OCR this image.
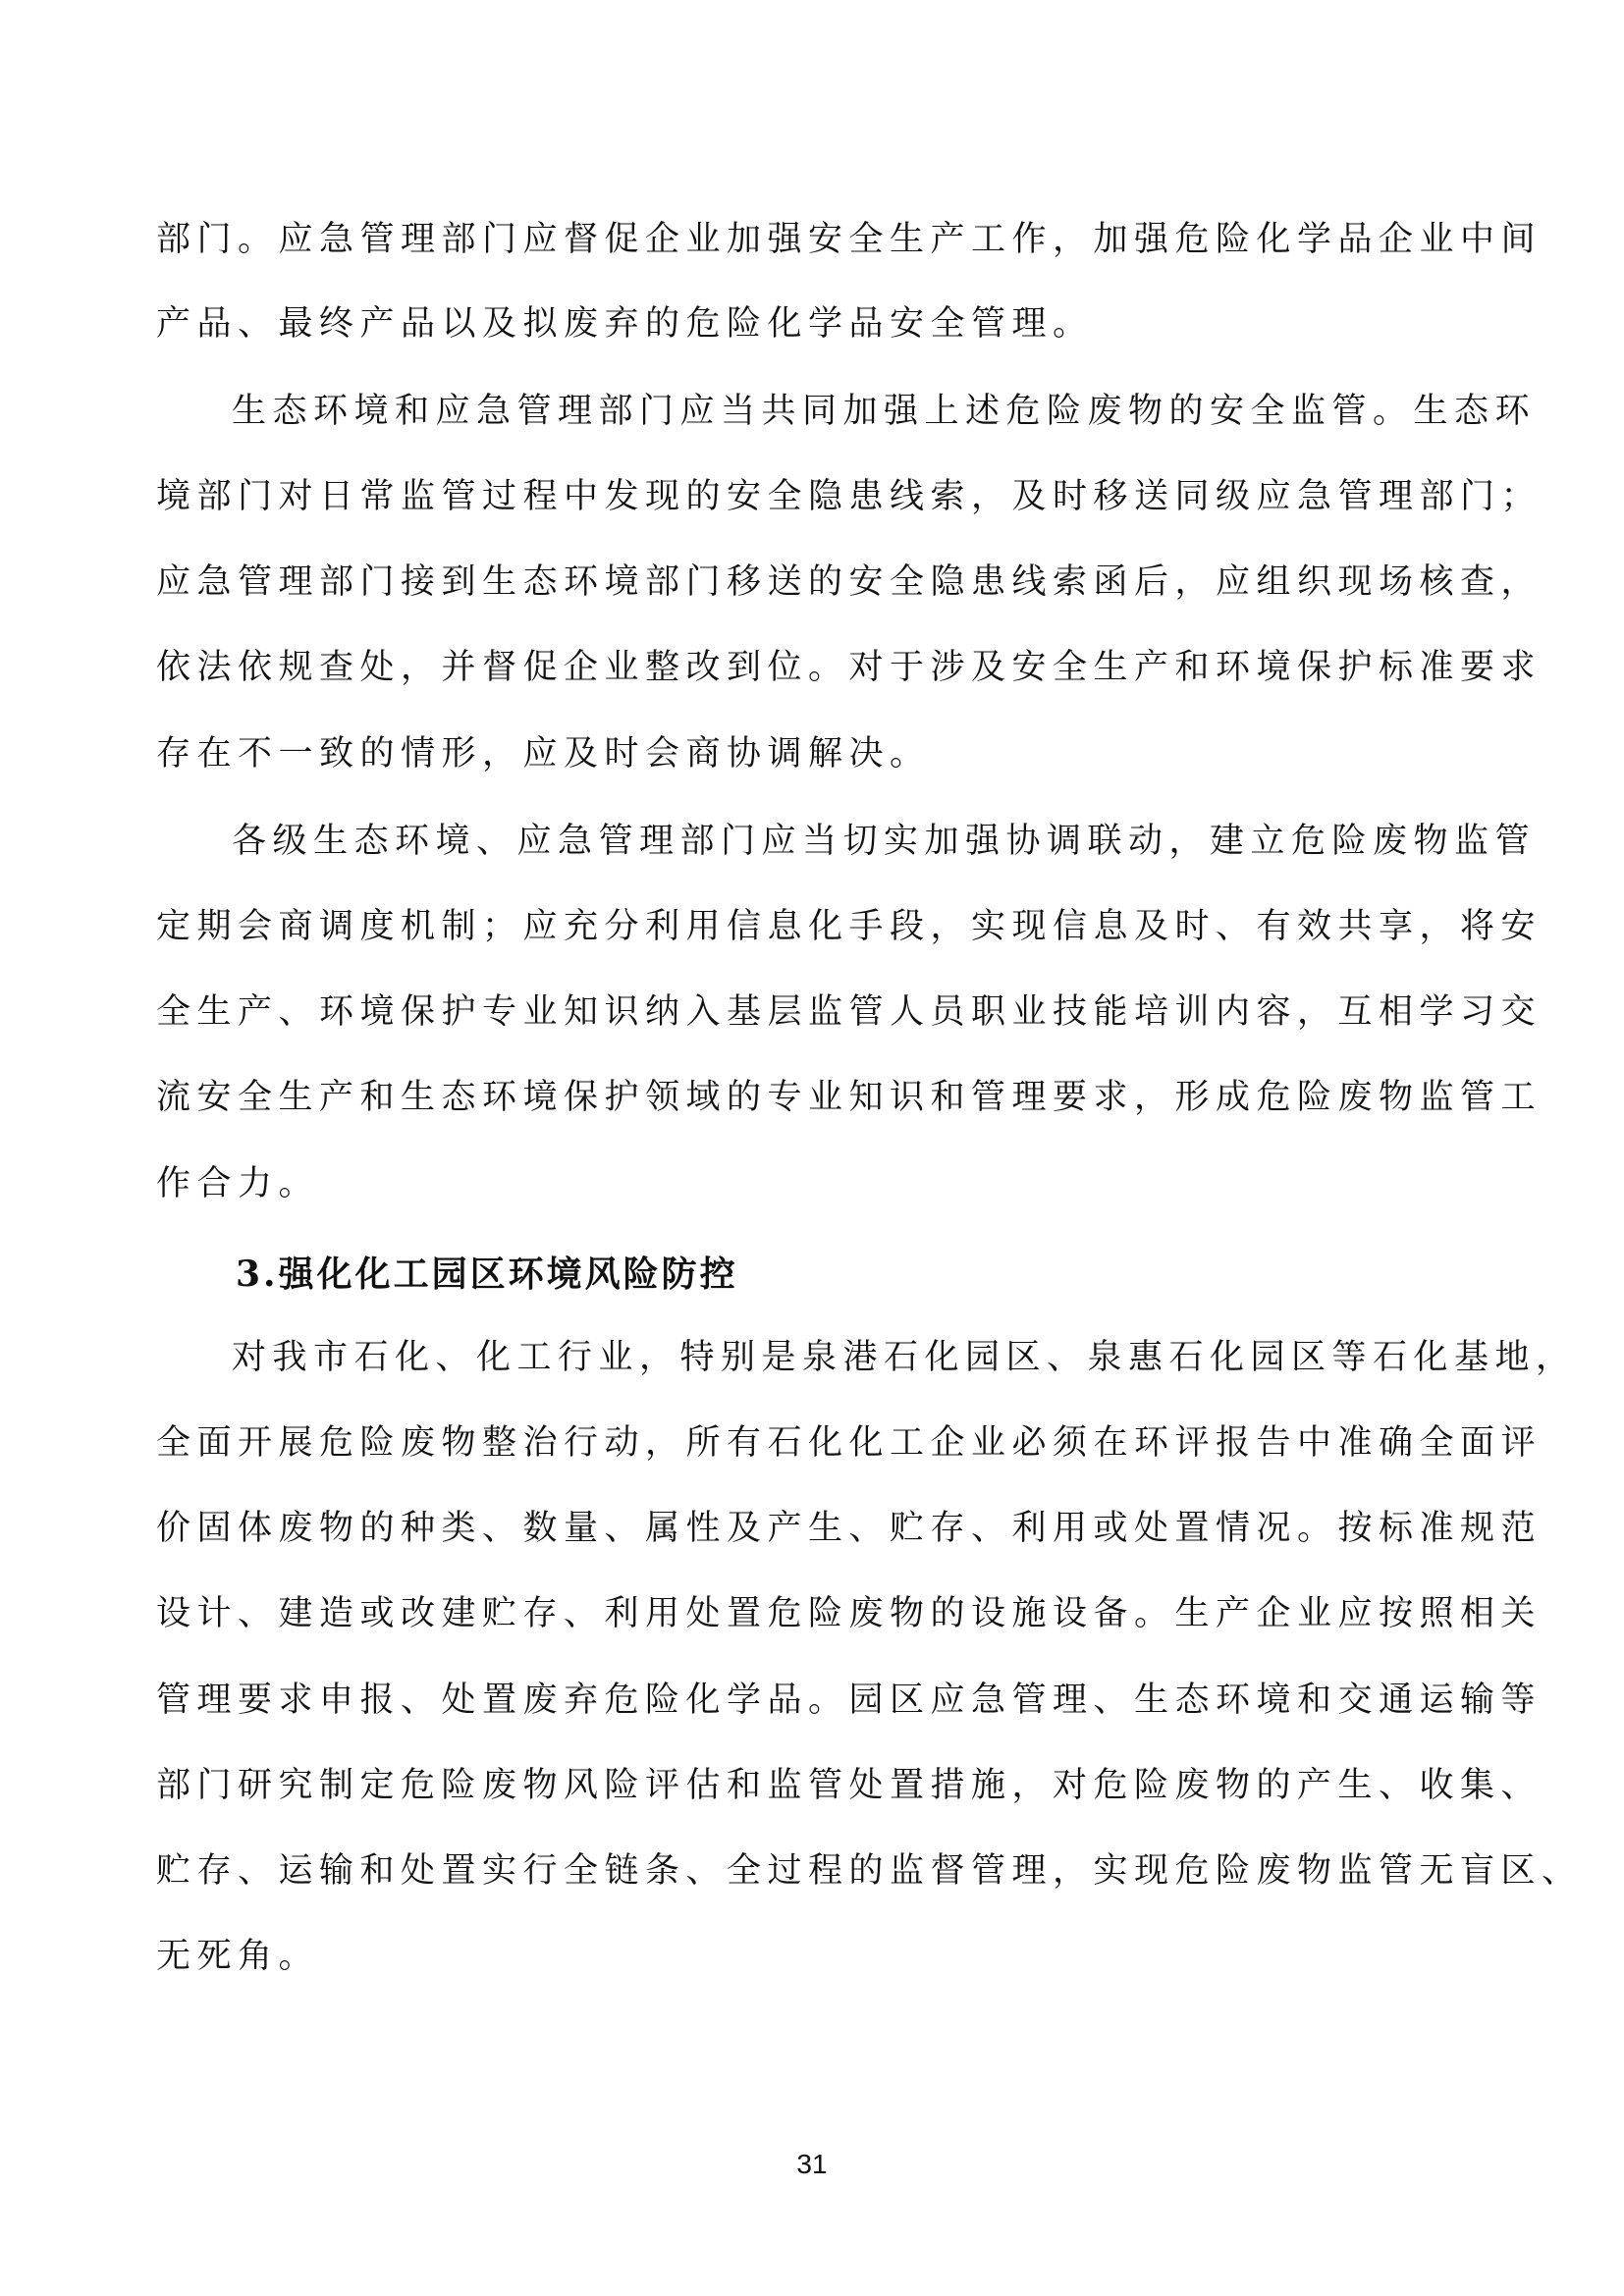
部门。应急管理部门应督促企业加强安全生产工作，加强危险化学品企业中间
产品、最终产品以及拟废弃的危险化学品安全管理。
生态环境和应急管理部门应当共同加强上述危险废物的安全监管。生态环
境部门对日常监管过程中发现的安全隐患线索，及时移送同级应急管理部门；
应急管理部门接到生态环境部门移送的安全隐患线索函后，应组织现场核查，
依法依规查处，并督促企业整改到位。对于涉及安全生产和环境保护标准要求
存在不一致的情形，应及时会商协调解决。
各级生态环境、应急管理部门应当切实加强协调联动，建立危险废物监管
定期会商调度机制；应充分利用信息化手段，实现信息及时、有效共享，将安
全生产、环境保护专业知识纳入基层监管人员职业技能培训内容，互相学习交
流安全生产和生态环境保护领域的专业知识和管理要求，形成危险废物监管工
作合力。
3.强化化工园区环境风险防控
对我市石化、化工行业，特别是泉港石化园区、泉惠石化园区等石化基地，
全面开展危险废物整治行动，所有石化化工企业必须在环评报告中准确全面评
价固体废物的种类、数量、属性及产生、贮存、利用或处置情况。按标准规范
设计、建造或改建贮存、利用处置危险废物的设施设备。生产企业应按照相关
管理要求申报、处置废弃危险化学品。园区应急管理、生态环境和交通运输等
部门研究制定危险废物风险评估和监管处置措施，对危险废物的产生、收集、
贮存、运输和处置实行全链条、全过程的监督管理，实现危险废物监管无盲区、
无死角。
31
